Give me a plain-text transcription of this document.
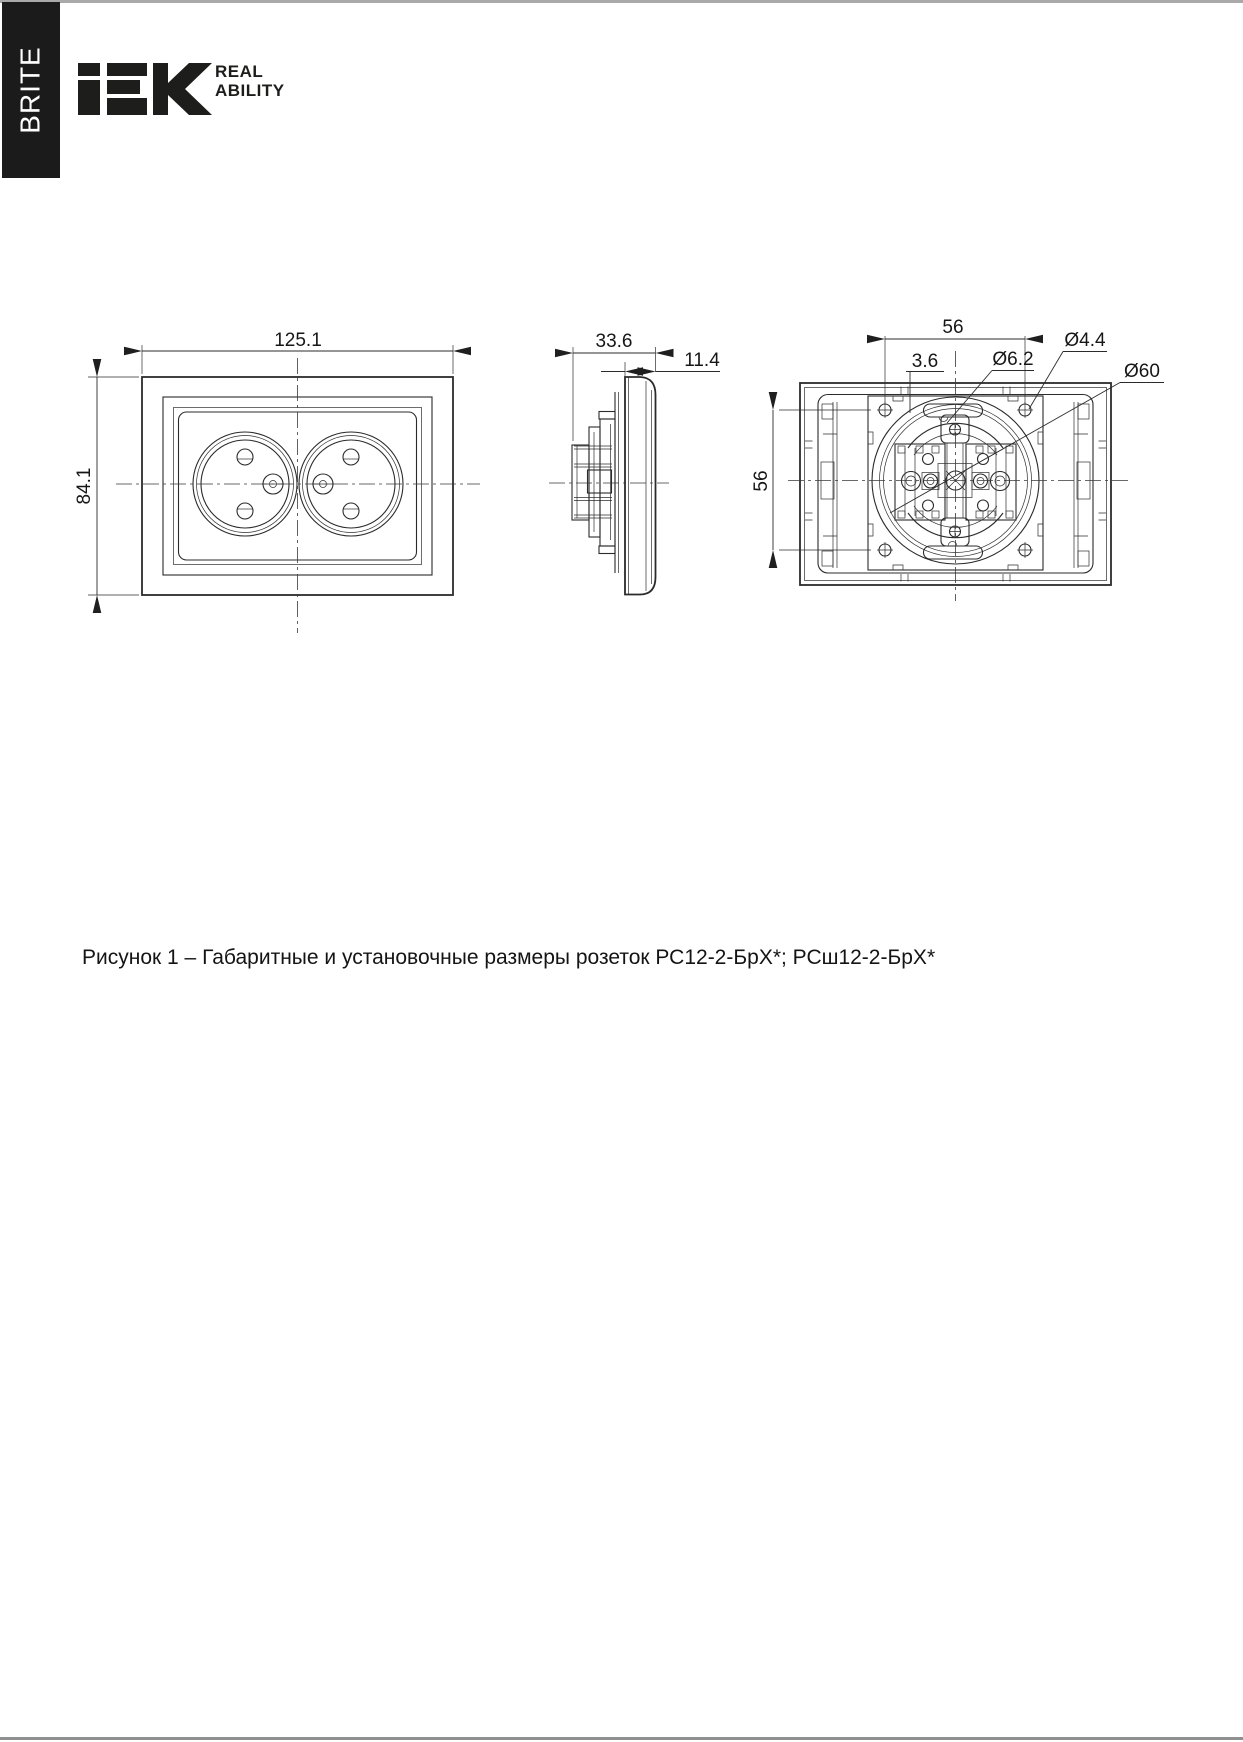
BRITE	REAL
ABILITY
125.1
84.1
33.6
11.4
56
56
3.6	Ø6.2
Ø4.4
Ø60
Рисунок 1 – Габаритные и установочные размеры розеток РС12-2-БрХ*; РСш12-2-БрХ*
